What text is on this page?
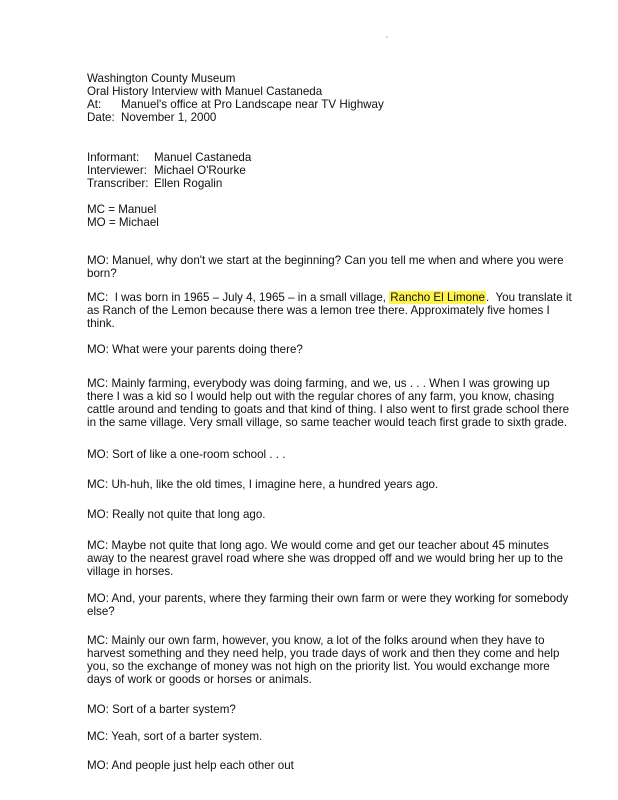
Washington County Museum
Oral History Interview with Manuel Castaneda
At: Manuel's office at Pro Landscape near TV Highway
Date: November 1, 2000
Informant: Manuel Castaneda
Interviewer: Michael O'Rourke
Transcriber: Ellen Rogalin
MC = Manuel
MO = Michael
MO: Manuel, why don't we start at the beginning? Can you tell me when and where you were
born?
MC:  I was born in 1965 – July 4, 1965 – in a small village, Rancho El Limone.  You translate it
as Ranch of the Lemon because there was a lemon tree there. Approximately five homes I
think.
MO: What were your parents doing there?
MC: Mainly farming, everybody was doing farming, and we, us . . . When I was growing up
there I was a kid so I would help out with the regular chores of any farm, you know, chasing
cattle around and tending to goats and that kind of thing. I also went to first grade school there
in the same village. Very small village, so same teacher would teach first grade to sixth grade.
MO: Sort of like a one-room school . . .
MC: Uh-huh, like the old times, I imagine here, a hundred years ago.
MO: Really not quite that long ago.
MC: Maybe not quite that long ago. We would come and get our teacher about 45 minutes
away to the nearest gravel road where she was dropped off and we would bring her up to the
village in horses.
MO: And, your parents, where they farming their own farm or were they working for somebody
else?
MC: Mainly our own farm, however, you know, a lot of the folks around when they have to
harvest something and they need help, you trade days of work and then they come and help
you, so the exchange of money was not high on the priority list. You would exchange more
days of work or goods or horses or animals.
MO: Sort of a barter system?
MC: Yeah, sort of a barter system.
MO: And people just help each other out
